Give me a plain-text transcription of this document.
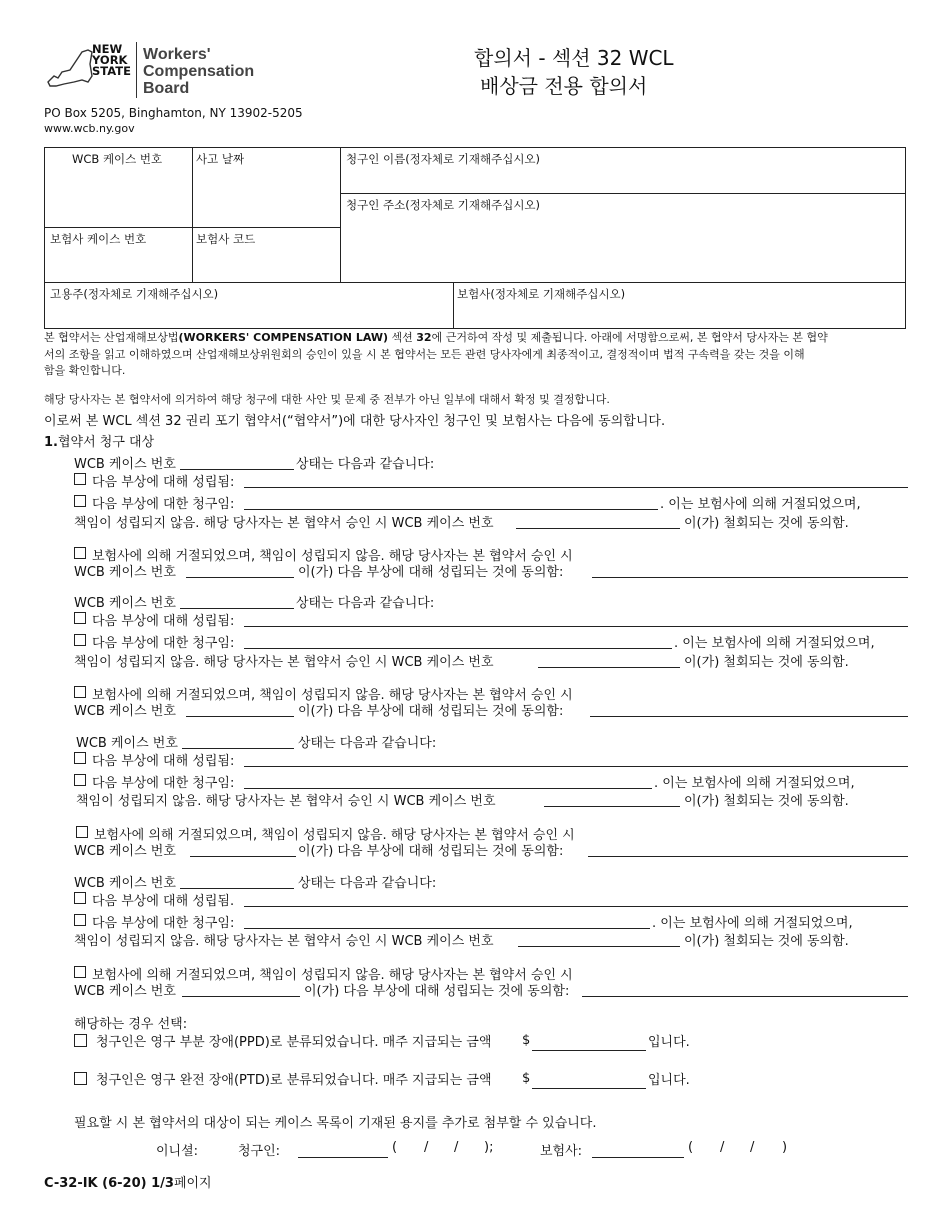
NEW
YORK
STATE
Workers'
Compensation
Board
PO Box 5205, Binghamton, NY 13902-5205
www.wcb.ny.gov
합의서 - 섹션 32 WCL
배상금 전용 합의서
WCB 케이스 번호	사고 날짜	청구인 이름(정자체로 기재해주십시오)
청구인 주소(정자체로 기재해주십시오)
보험사 케이스 번호	보험사 코드
고용주(정자체로 기재해주십시오)	보험사(정자체로 기재해주십시오)
본 협약서는 산업재해보상법(WORKERS' COMPENSATION LAW) 섹션 32에 근거하여 작성 및 제출됩니다. 아래에 서명함으로써, 본 협약서 당사자는 본 협약
서의 조항을 읽고 이해하였으며 산업재해보상위원회의 승인이 있을 시 본 협약서는 모든 관련 당사자에게 최종적이고, 결정적이며 법적 구속력을 갖는 것을 이해
함을 확인합니다.
해당 당사자는 본 협약서에 의거하여 해당 청구에 대한 사안 및 문제 중 전부가 아닌 일부에 대해서 확정 및 결정합니다.
이로써 본 WCL 섹션 32 권리 포기 협약서(“협약서”)에 대한 당사자인 청구인 및 보험사는 다음에 동의합니다.
1.협약서 청구 대상
WCB 케이스 번호	상태는 다음과 같습니다:
다음 부상에 대해 성립됨:
다음 부상에 대한 청구임:	. 이는 보험사에 의해 거절되었으며,
책임이 성립되지 않음. 해당 당사자는 본 협약서 승인 시 WCB 케이스 번호	이(가) 철회되는 것에 동의함.
보험사에 의해 거절되었으며, 책임이 성립되지 않음. 해당 당사자는 본 협약서 승인 시
WCB 케이스 번호	이(가) 다음 부상에 대해 성립되는 것에 동의함:
WCB 케이스 번호	상태는 다음과 같습니다:
다음 부상에 대해 성립됨:
다음 부상에 대한 청구임:	. 이는 보험사에 의해 거절되었으며,
책임이 성립되지 않음. 해당 당사자는 본 협약서 승인 시 WCB 케이스 번호	이(가) 철회되는 것에 동의함.
보험사에 의해 거절되었으며, 책임이 성립되지 않음. 해당 당사자는 본 협약서 승인 시
WCB 케이스 번호	이(가) 다음 부상에 대해 성립되는 것에 동의함:
WCB 케이스 번호	상태는 다음과 같습니다:
다음 부상에 대해 성립됨:
다음 부상에 대한 청구임:	. 이는 보험사에 의해 거절되었으며,
책임이 성립되지 않음. 해당 당사자는 본 협약서 승인 시 WCB 케이스 번호	이(가) 철회되는 것에 동의함.
보험사에 의해 거절되었으며, 책임이 성립되지 않음. 해당 당사자는 본 협약서 승인 시
WCB 케이스 번호	이(가) 다음 부상에 대해 성립되는 것에 동의함:
WCB 케이스 번호	상태는 다음과 같습니다:
다음 부상에 대해 성립됨.
다음 부상에 대한 청구임:	. 이는 보험사에 의해 거절되었으며,
책임이 성립되지 않음. 해당 당사자는 본 협약서 승인 시 WCB 케이스 번호	이(가) 철회되는 것에 동의함.
보험사에 의해 거절되었으며, 책임이 성립되지 않음. 해당 당사자는 본 협약서 승인 시
WCB 케이스 번호	이(가) 다음 부상에 대해 성립되는 것에 동의함:
해당하는 경우 선택:
청구인은 영구 부분 장애(PPD)로 분류되었습니다. 매주 지급되는 금액 $	입니다.
청구인은 영구 완전 장애(PTD)로 분류되었습니다. 매주 지급되는 금액 $	입니다.
필요할 시 본 협약서의 대상이 되는 케이스 목록이 기재된 용지를 추가로 첨부할 수 있습니다.
이니셜:	청구인:	( / / );	보험사:	( / / )
C-32-IK (6-20) 1/3페이지
